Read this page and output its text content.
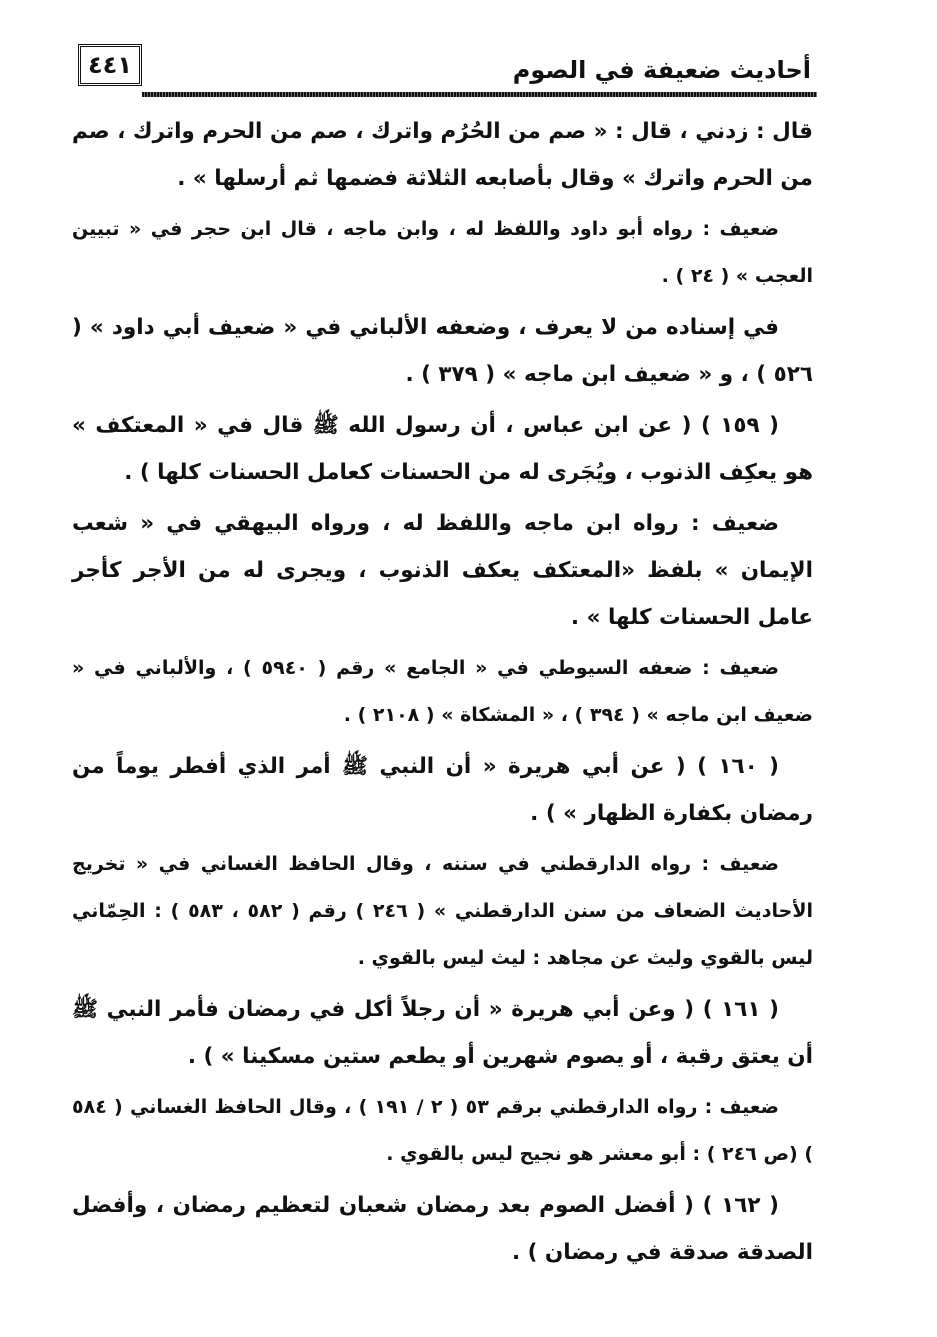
٤٤١	أحاديث ضعيفة في الصوم

قال : زدني ، قال : « صم من الحُرُم واترك ، صم من الحرم واترك ، صم من الحرم واترك » وقال بأصابعه الثلاثة فضمها ثم أرسلها » .

ضعيف : رواه أبو داود واللفظ له ، وابن ماجه ، قال ابن حجر في « تبيين العجب » ( ٢٤ ) .

في إسناده من لا يعرف ، وضعفه الألباني في « ضعيف أبي داود » ( ٥٢٦ ) ، و « ضعيف ابن ماجه » ( ٣٧٩ ) .

( ١٥٩ ) ( عن ابن عباس ، أن رسول الله ﷺ قال في « المعتكف » هو يعكِف الذنوب ، ويُجَرى له من الحسنات كعامل الحسنات كلها ) .

ضعيف : رواه ابن ماجه واللفظ له ، ورواه البيهقي في « شعب الإيمان » بلفظ «المعتكف يعكف الذنوب ، ويجرى له من الأجر كأجر عامل الحسنات كلها » .

ضعيف : ضعفه السيوطي في « الجامع » رقم ( ٥٩٤٠ ) ، والألباني في « ضعيف ابن ماجه » ( ٣٩٤ ) ، « المشكاة » ( ٢١٠٨ ) .

( ١٦٠ ) ( عن أبي هريرة « أن النبي ﷺ أمر الذي أفطر يوماً من رمضان بكفارة الظهار » ) .

ضعيف : رواه الدارقطني في سننه ، وقال الحافظ الغساني في « تخريج الأحاديث الضعاف من سنن الدارقطني » ( ٢٤٦ ) رقم ( ٥٨٢ ، ٥٨٣ ) : الحِمّاني ليس بالقوي وليث عن مجاهد : ليث ليس بالقوي .

( ١٦١ ) ( وعن أبي هريرة « أن رجلاً أكل في رمضان فأمر النبي ﷺ أن يعتق رقبة ، أو يصوم شهرين أو يطعم ستين مسكينا » ) .

ضعيف : رواه الدارقطني برقم ٥٣ ( ٢ / ١٩١ ) ، وقال الحافظ الغساني ( ٥٨٤ ) (ص ٢٤٦ ) : أبو معشر هو نجيح ليس بالقوي .

( ١٦٢ ) ( أفضل الصوم بعد رمضان شعبان لتعظيم رمضان ، وأفضل الصدقة صدقة في رمضان ) .
